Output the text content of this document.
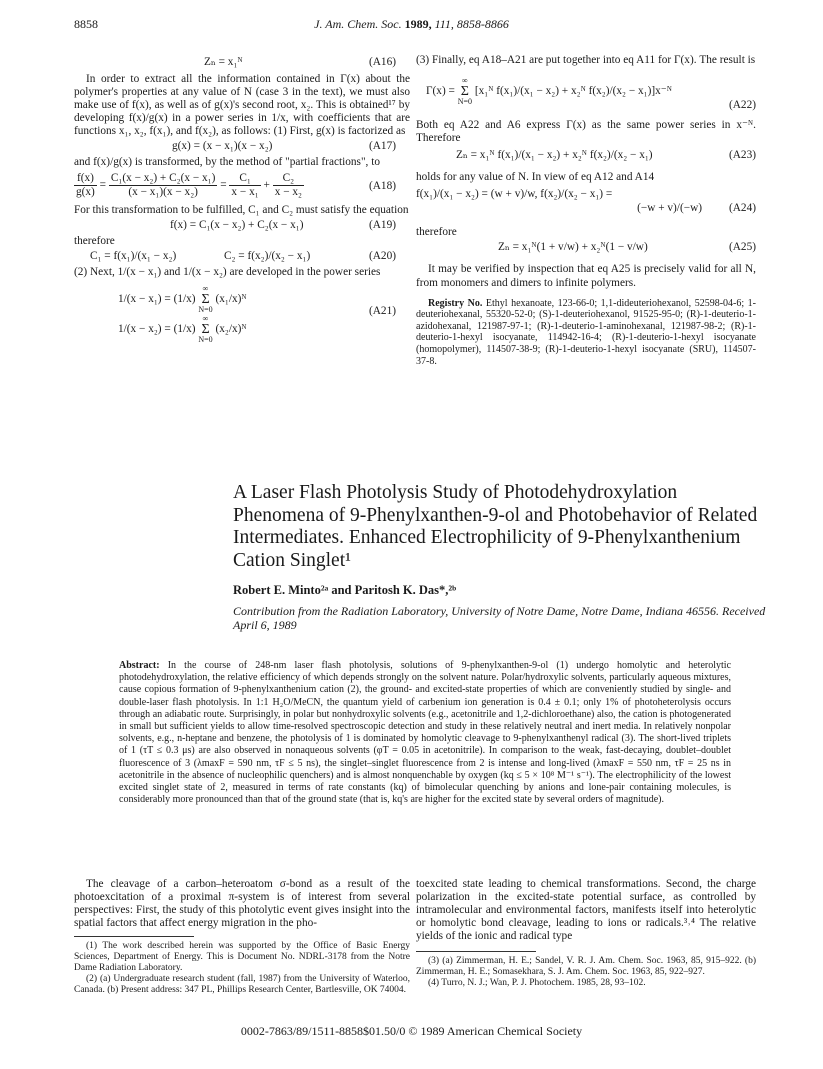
8858	J. Am. Chem. Soc. 1989, 111, 8858-8866
Zₙ = x₁ᴺ	(A16)

In order to extract all the information contained in Γ(x) about the polymer's properties at any value of N (case 3 in the text), we must also make use of f(x), as well as of g(x)'s second root, x₂. This is obtained¹⁷ by developing f(x)/g(x) in a power series in 1/x, with coefficients that are functions x₁, x₂, f(x₁), and f(x₂), as follows: (1) First, g(x) is factorized as

g(x) = (x − x₁)(x − x₂)	(A17)

and f(x)/g(x) is transformed, by the method of "partial fractions", to

$\frac{f(x)}{g(x)} = \frac{\text{C₁(x − x₂) + C₂(x − x₁)}}{\text{(x − x₁)(x − x₂)}} = \frac{\text{C₁}}{\text{x − x₁}} + \frac{\text{C₂}}{\text{x − x₂}}$	(A18)

For this transformation to be fulfilled, C₁ and C₂ must satisfy the equation

f(x) = C₁(x − x₂) + C₂(x − x₁)	(A19)

therefore

C₁ = f(x₁)/(x₁ − x₂)	C₂ = f(x₂)/(x₂ − x₁)	(A20)

(2) Next, 1/(x − x₁) and 1/(x − x₂) are developed in the power series

1/(x − x₁) = (1/x) ∞
Σ
N=0 (x₁/x)ᴺ
1/(x − x₂) = (1/x) ∞
Σ
N=0 (x₂/x)ᴺ
(A21)

(3) Finally, eq A18–A21 are put together into eq A11 for Γ(x). The result is

Γ(x) = ∞
Σ
N=0 [x₁ᴺ f(x₁)/(x₁ − x₂) + x₂ᴺ f(x₂)/(x₂ − x₁)]x⁻ᴺ
(A22)

Both eq A22 and A6 express Γ(x) as the same power series in x⁻ᴺ. Therefore

Zₙ = x₁ᴺ f(x₁)/(x₁ − x₂) + x₂ᴺ f(x₂)/(x₂ − x₁)	(A23)

holds for any value of N. In view of eq A12 and A14

f(x₁)/(x₁ − x₂) = (w + v)/w, f(x₂)/(x₂ − x₁) =
(−w + v)/(−w) (A24)

therefore

Zₙ = x₁ᴺ(1 + v/w) + x₂ᴺ(1 − v/w)	(A25)

It may be verified by inspection that eq A25 is precisely valid for all N, from monomers and dimers to infinite polymers.

Registry No. Ethyl hexanoate, 123-66-0; 1,1-dideuteriohexanol, 52598-04-6; 1-deuteriohexanal, 55320-52-0; (S)-1-deuteriohexanol, 91525-95-0; (R)-1-deuterio-1-azidohexanal, 121987-97-1; (R)-1-deuterio-1-aminohexanal, 121987-98-2; (R)-1-deuterio-1-hexyl isocyanate, 114942-16-4; (R)-1-deuterio-1-hexyl isocyanate (homopolymer), 114507-38-9; (R)-1-deuterio-1-hexyl isocyanate (SRU), 114507-37-8.

A Laser Flash Photolysis Study of Photodehydroxylation Phenomena of 9-Phenylxanthen-9-ol and Photobehavior of Related Intermediates. Enhanced Electrophilicity of 9-Phenylxanthenium Cation Singlet¹
Robert E. Minto²ᵃ and Paritosh K. Das*,²ᵇ
Contribution from the Radiation Laboratory, University of Notre Dame, Notre Dame, Indiana 46556. Received April 6, 1989
Abstract: In the course of 248-nm laser flash photolysis, solutions of 9-phenylxanthen-9-ol (1) undergo homolytic and heterolytic photodehydroxylation, the relative efficiency of which depends strongly on the solvent nature. Polar/hydroxylic solvents, particularly aqueous mixtures, cause copious formation of 9-phenylxanthenium cation (2), the ground- and excited-state properties of which are conveniently studied by single- and double-laser flash photolysis. In 1:1 H₂O/MeCN, the quantum yield of carbenium ion generation is 0.4 ± 0.1; only 1% of photoheterolysis occurs through an adiabatic route. Surprisingly, in polar but nonhydroxylic solvents (e.g., acetonitrile and 1,2-dichloroethane) also, the cation is photogenerated in small but sufficient yields to allow time-resolved spectroscopic detection and study in these relatively neutral and inert media. In relatively nonpolar solvents, e.g., n-heptane and benzene, the photolysis of 1 is dominated by homolytic cleavage to 9-phenylxanthenyl radical (3). The short-lived triplets of 1 (τT ≤ 0.3 μs) are also observed in nonaqueous solvents (φT = 0.05 in acetonitrile). In comparison to the weak, fast-decaying, doublet–doublet fluorescence of 3 (λmaxF = 590 nm, τF ≤ 5 ns), the singlet–singlet fluorescence from 2 is intense and long-lived (λmaxF = 550 nm, τF = 25 ns in acetonitrile in the absence of nucleophilic quenchers) and is almost nonquenchable by oxygen (kq ≤ 5 × 10⁸ M⁻¹ s⁻¹). The electrophilicity of the lowest excited singlet state of 2, measured in terms of rate constants (kq) of bimolecular quenching by anions and lone-pair containing molecules, is considerably more pronounced than that of the ground state (that is, kq's are higher for the excited state by several orders of magnitude).

The cleavage of a carbon–heteroatom σ-bond as a result of the photoexcitation of a proximal π-system is of interest from several perspectives: First, the study of this photolytic event gives insight into the spatial factors that affect energy migration in the pho-

toexcited state leading to chemical transformations. Second, the charge polarization in the excited-state potential surface, as controlled by intramolecular and environmental factors, manifests itself into heterolytic or homolytic bond cleavage, leading to ions or radicals.³˒⁴ The relative yields of the ionic and radical type

(1) The work described herein was supported by the Office of Basic Energy Sciences, Department of Energy. This is Document No. NDRL-3178 from the Notre Dame Radiation Laboratory.

(2) (a) Undergraduate research student (fall, 1987) from the University of Waterloo, Canada. (b) Present address: 347 PL, Phillips Research Center, Bartlesville, OK 74004.

(3) (a) Zimmerman, H. E.; Sandel, V. R. J. Am. Chem. Soc. 1963, 85, 915–922. (b) Zimmerman, H. E.; Somasekhara, S. J. Am. Chem. Soc. 1963, 85, 922–927.

(4) Turro, N. J.; Wan, P. J. Photochem. 1985, 28, 93–102.

0002-7863/89/1511-8858$01.50/0 © 1989 American Chemical Society
